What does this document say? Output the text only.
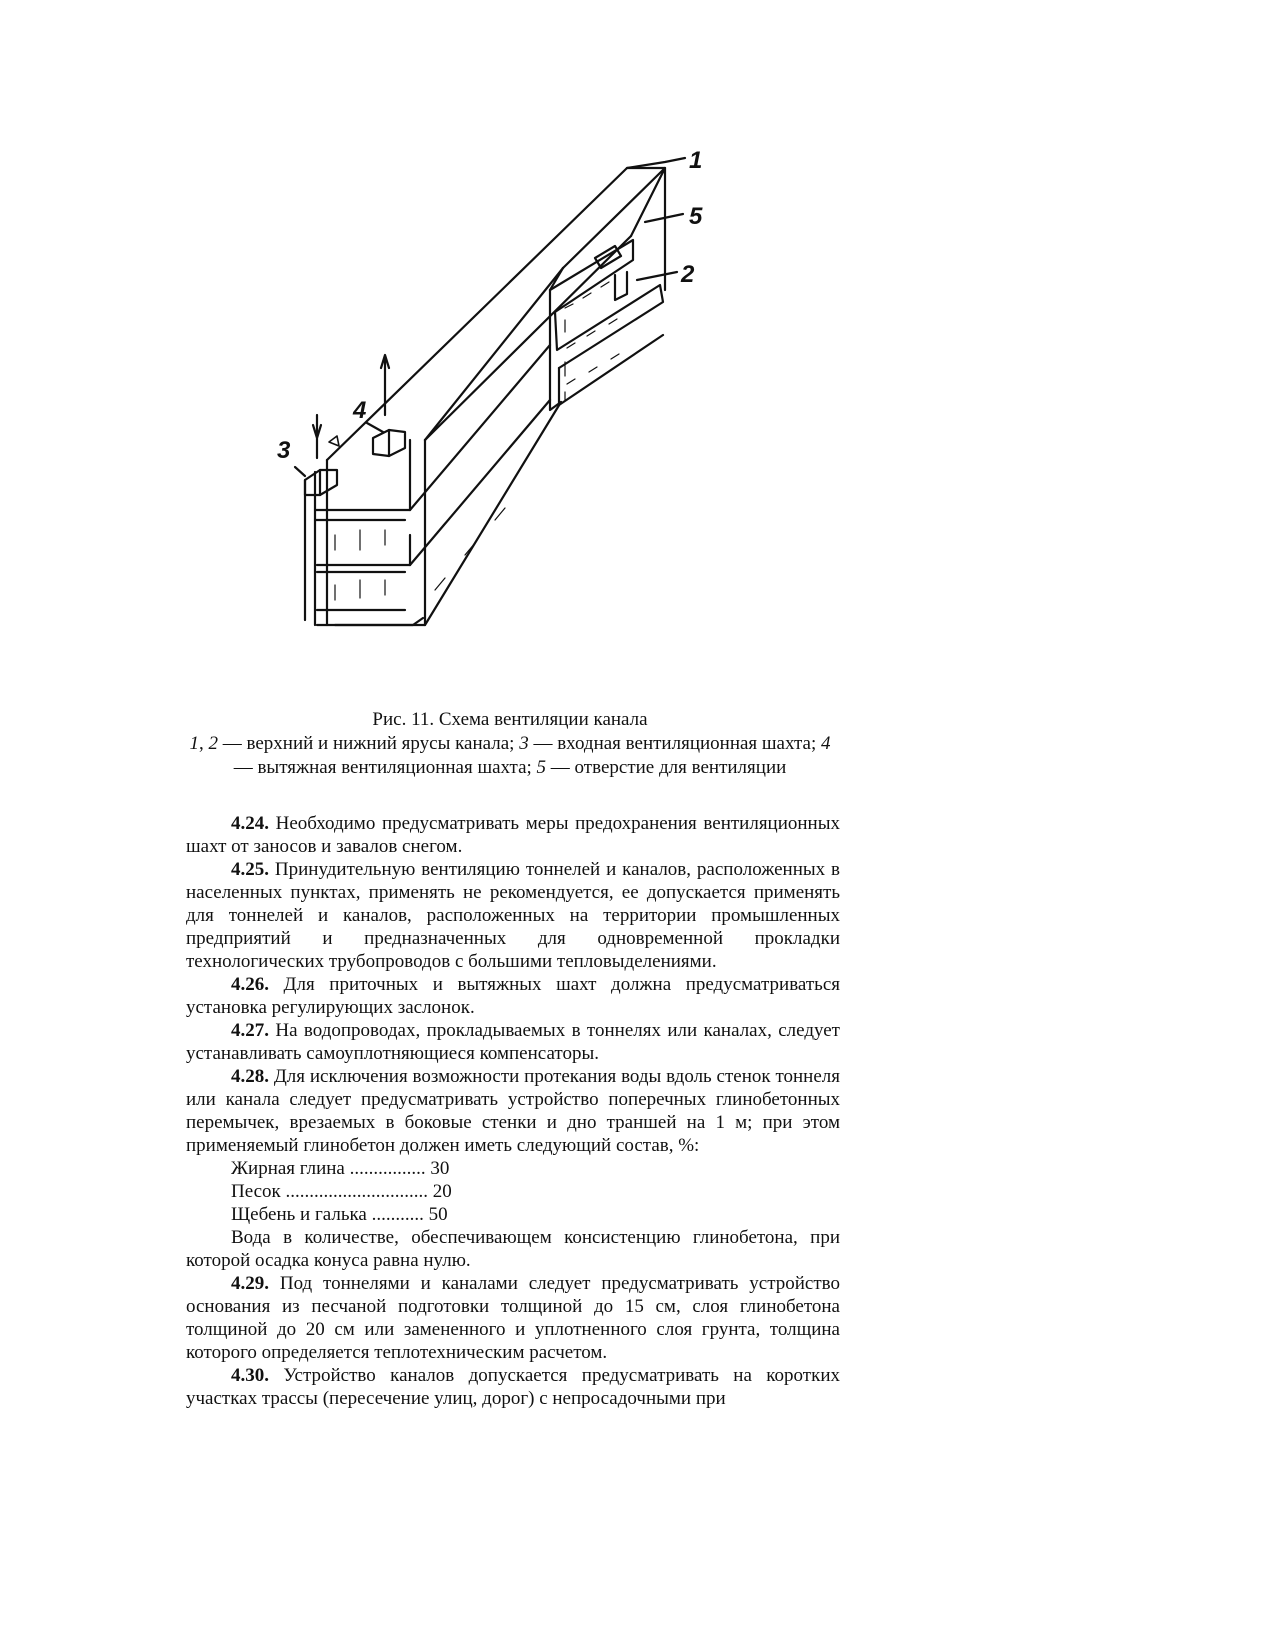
1
5
2
4
3
Рис. 11. Схема вентиляции канала
1, 2 — верхний и нижний ярусы канала; 3 — входная вентиляционная шахта; 4 — вытяжная вентиляционная шахта; 5 — отверстие для вентиляции

4.24. Необходимо предусматривать меры предохранения вентиляционных шахт от заносов и завалов снегом.

4.25. Принудительную вентиляцию тоннелей и каналов, расположенных в населенных пунктах, применять не рекомендуется, ее допускается применять для тоннелей и каналов, расположенных на территории промышленных предприятий и предназначенных для одновременной прокладки технологических трубопроводов с большими тепловыделениями.

4.26. Для приточных и вытяжных шахт должна предусматриваться установка регулирующих заслонок.

4.27. На водопроводах, прокладываемых в тоннелях или каналах, следует устанавливать самоуплотняющиеся компенсаторы.

4.28. Для исключения возможности протекания воды вдоль стенок тоннеля или канала следует предусматривать устройство поперечных глинобетонных перемычек, врезаемых в боковые стенки и дно траншей на 1 м; при этом применяемый глинобетон должен иметь следующий состав, %:

Жирная глина ................ 30
Песок .............................. 20
Щебень и галька ........... 50

Вода в количестве, обеспечивающем консистенцию глинобетона, при которой осадка конуса равна нулю.

4.29. Под тоннелями и каналами следует предусматривать устройство основания из песчаной подготовки толщиной до 15 см, слоя глинобетона толщиной до 20 см или замененного и уплотненного слоя грунта, толщина которого определяется теплотехническим расчетом.

4.30. Устройство каналов допускается предусматривать на коротких участках трассы (пересечение улиц, дорог) с непросадочными при
